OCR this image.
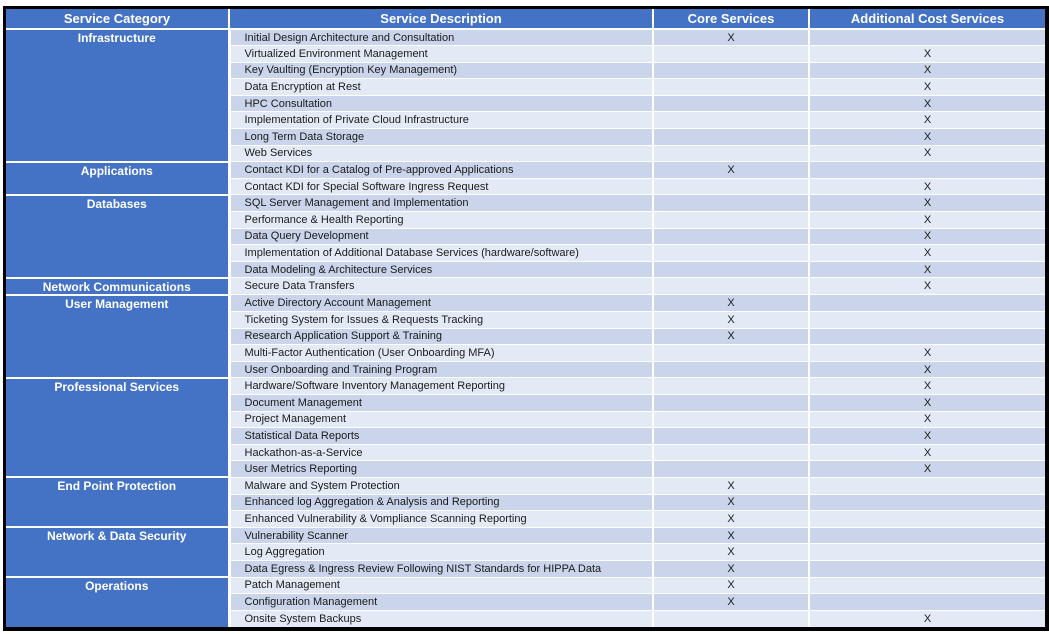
Service Category	Service Description	Core Services	Additional Cost Services
Infrastructure	Initial Design Architecture and Consultation	X	
	Virtualized Environment Management		X
	Key Vaulting (Encryption Key Management)		X
	Data Encryption at Rest		X
	HPC Consultation		X
	Implementation of Private Cloud Infrastructure		X
	Long Term Data Storage		X
	Web Services		X
Applications	Contact KDI for a Catalog of Pre-approved Applications	X	
	Contact KDI for Special Software Ingress Request		X
Databases	SQL Server Management and Implementation		X
	Performance & Health Reporting		X
	Data Query Development		X
	Implementation of Additional Database Services (hardware/software)		X
	Data Modeling & Architecture Services		X
Network Communications	Secure Data Transfers		X
User Management	Active Directory Account Management	X	
	Ticketing System for Issues & Requests Tracking	X	
	Research Application Support & Training	X	
	Multi-Factor Authentication (User Onboarding MFA)		X
	User Onboarding and Training Program		X
Professional Services	Hardware/Software Inventory Management Reporting		X
	Document Management		X
	Project Management		X
	Statistical Data Reports		X
	Hackathon-as-a-Service		X
	User Metrics Reporting		X
End Point Protection	Malware and System Protection	X	
	Enhanced log Aggregation & Analysis and Reporting	X	
	Enhanced Vulnerability & Vompliance Scanning Reporting	X	
Network & Data Security	Vulnerability Scanner	X	
	Log Aggregation	X	
	Data Egress & Ingress Review Following NIST Standards for HIPPA Data	X	
Operations	Patch Management	X	
	Configuration Management	X	
	Onsite System Backups		X
